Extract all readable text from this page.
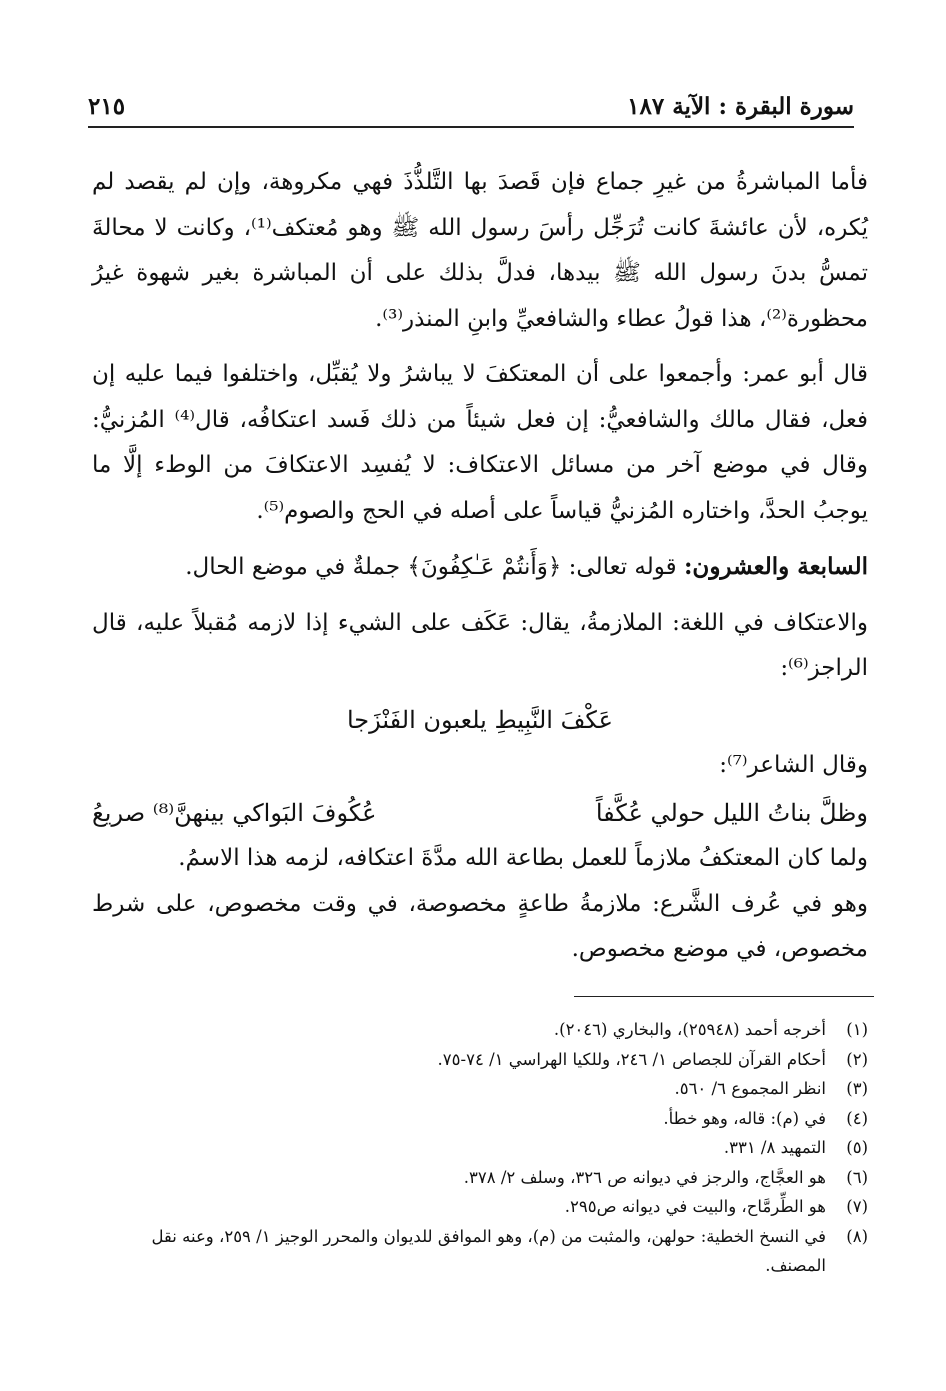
سورة البقرة : الآية ١٨٧
٢١٥

فأما المباشرةُ من غيرِ جماع فإن قَصدَ بها التَّلذُّذَ فهي مكروهة، وإن لم يقصد لم يُكره، لأن عائشةَ كانت تُرَجِّل رأسَ رسول الله ﷺ وهو مُعتكف⁽¹⁾، وكانت لا محالةَ تمسُّ بدنَ رسول الله ﷺ بيدها، فدلَّ بذلك على أن المباشرة بغير شهوة غيرُ محظورة⁽²⁾، هذا قولُ عطاء والشافعيِّ وابنِ المنذر⁽³⁾.

قال أبو عمر: وأجمعوا على أن المعتكفَ لا يباشرُ ولا يُقبِّل، واختلفوا فيما عليه إن فعل، فقال مالك والشافعيُّ: إن فعل شيئاً من ذلك فَسد اعتكافُه، قال⁽⁴⁾ المُزنيُّ: وقال في موضع آخر من مسائل الاعتكاف: لا يُفسِد الاعتكافَ من الوطء إلَّا ما يوجبُ الحدَّ، واختاره المُزنيُّ قياساً على أصله في الحج والصوم⁽⁵⁾.

السابعة والعشرون: قوله تعالى: ﴿وَأَنتُمْ عَـٰكِفُونَ﴾ جملةٌ في موضع الحال.

والاعتكاف في اللغة: الملازمةُ، يقال: عَكَف على الشيء إذا لازمه مُقبلاً عليه، قال الراجز⁽⁶⁾:

عَكْفَ النَّبِيطِ يلعبون الفَنْزَجا

وقال الشاعر⁽⁷⁾:

وظلَّ بناتُ الليل حولي عُكَّفاً
عُكُوفَ البَواكي بينهنَّ⁽⁸⁾ صريعُ

ولما كان المعتكفُ ملازماً للعمل بطاعة الله مدَّةَ اعتكافه، لزمه هذا الاسمُ.

وهو في عُرف الشَّرع: ملازمةُ طاعةٍ مخصوصة، في وقت مخصوص، على شرط مخصوص، في موضع مخصوص.

(١)
أخرجه أحمد (٢٥٩٤٨)، والبخاري (٢٠٤٦).

(٢)
أحكام القرآن للجصاص ١/ ٢٤٦، وللكيا الهراسي ١/ ٧٤-٧٥.

(٣)
انظر المجموع ٦/ ٥٦٠.

(٤)
في (م): قاله، وهو خطأ.

(٥)
التمهيد ٨/ ٣٣١.

(٦)
هو العجَّاج، والرجز في ديوانه ص ٣٢٦، وسلف ٢/ ٣٧٨.

(٧)
هو الطِّرمَّاح، والبيت في ديوانه ص٢٩٥.

(٨)
في النسخ الخطية: حولهن، والمثبت من (م)، وهو الموافق للديوان والمحرر الوجيز ١/ ٢٥٩، وعنه نقل المصنف.
